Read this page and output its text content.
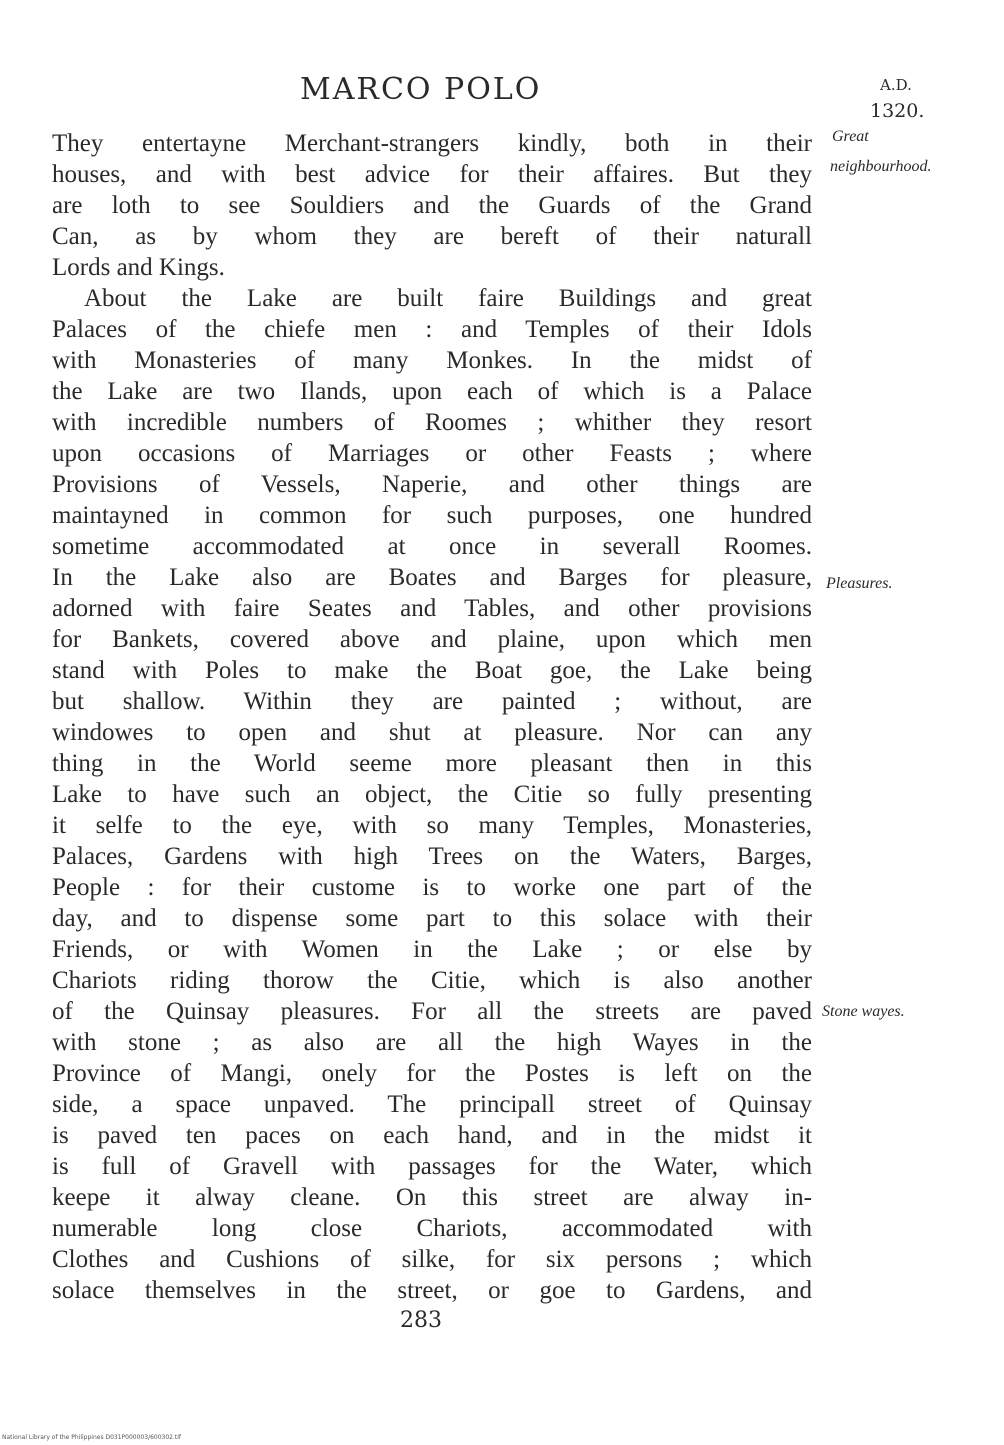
MARCO POLO	A.D.
1320.
Great
neighbourhood.
Pleasures.
Stone wayes.
They entertayne Merchant-strangers kindly, both in their
houses, and with best advice for their affaires. But they
are loth to see Souldiers and the Guards of the Grand
Can, as by whom they are bereft of their naturall
Lords and Kings.
About the Lake are built faire Buildings and great
Palaces of the chiefe men : and Temples of their Idols
with Monasteries of many Monkes. In the midst of
the Lake are two Ilands, upon each of which is a Palace
with incredible numbers of Roomes ; whither they resort
upon occasions of Marriages or other Feasts ; where
Provisions of Vessels, Naperie, and other things are
maintayned in common for such purposes, one hundred
sometime accommodated at once in severall Roomes.
In the Lake also are Boates and Barges for pleasure,
adorned with faire Seates and Tables, and other provisions
for Bankets, covered above and plaine, upon which men
stand with Poles to make the Boat goe, the Lake being
but shallow. Within they are painted ; without, are
windowes to open and shut at pleasure. Nor can any
thing in the World seeme more pleasant then in this
Lake to have such an object, the Citie so fully presenting
it selfe to the eye, with so many Temples, Monasteries,
Palaces, Gardens with high Trees on the Waters, Barges,
People : for their custome is to worke one part of the
day, and to dispense some part to this solace with their
Friends, or with Women in the Lake ; or else by
Chariots riding thorow the Citie, which is also another
of the Quinsay pleasures. For all the streets are paved
with stone ; as also are all the high Wayes in the
Province of Mangi, onely for the Postes is left on the
side, a space unpaved. The principall street of Quinsay
is paved ten paces on each hand, and in the midst it
is full of Gravell with passages for the Water, which
keepe it alway cleane. On this street are alway in-
numerable long close Chariots, accommodated with
Clothes and Cushions of silke, for six persons ; which
solace themselves in the street, or goe to Gardens, and
283
National Library of the Philippines D031P000003/600302.tif
